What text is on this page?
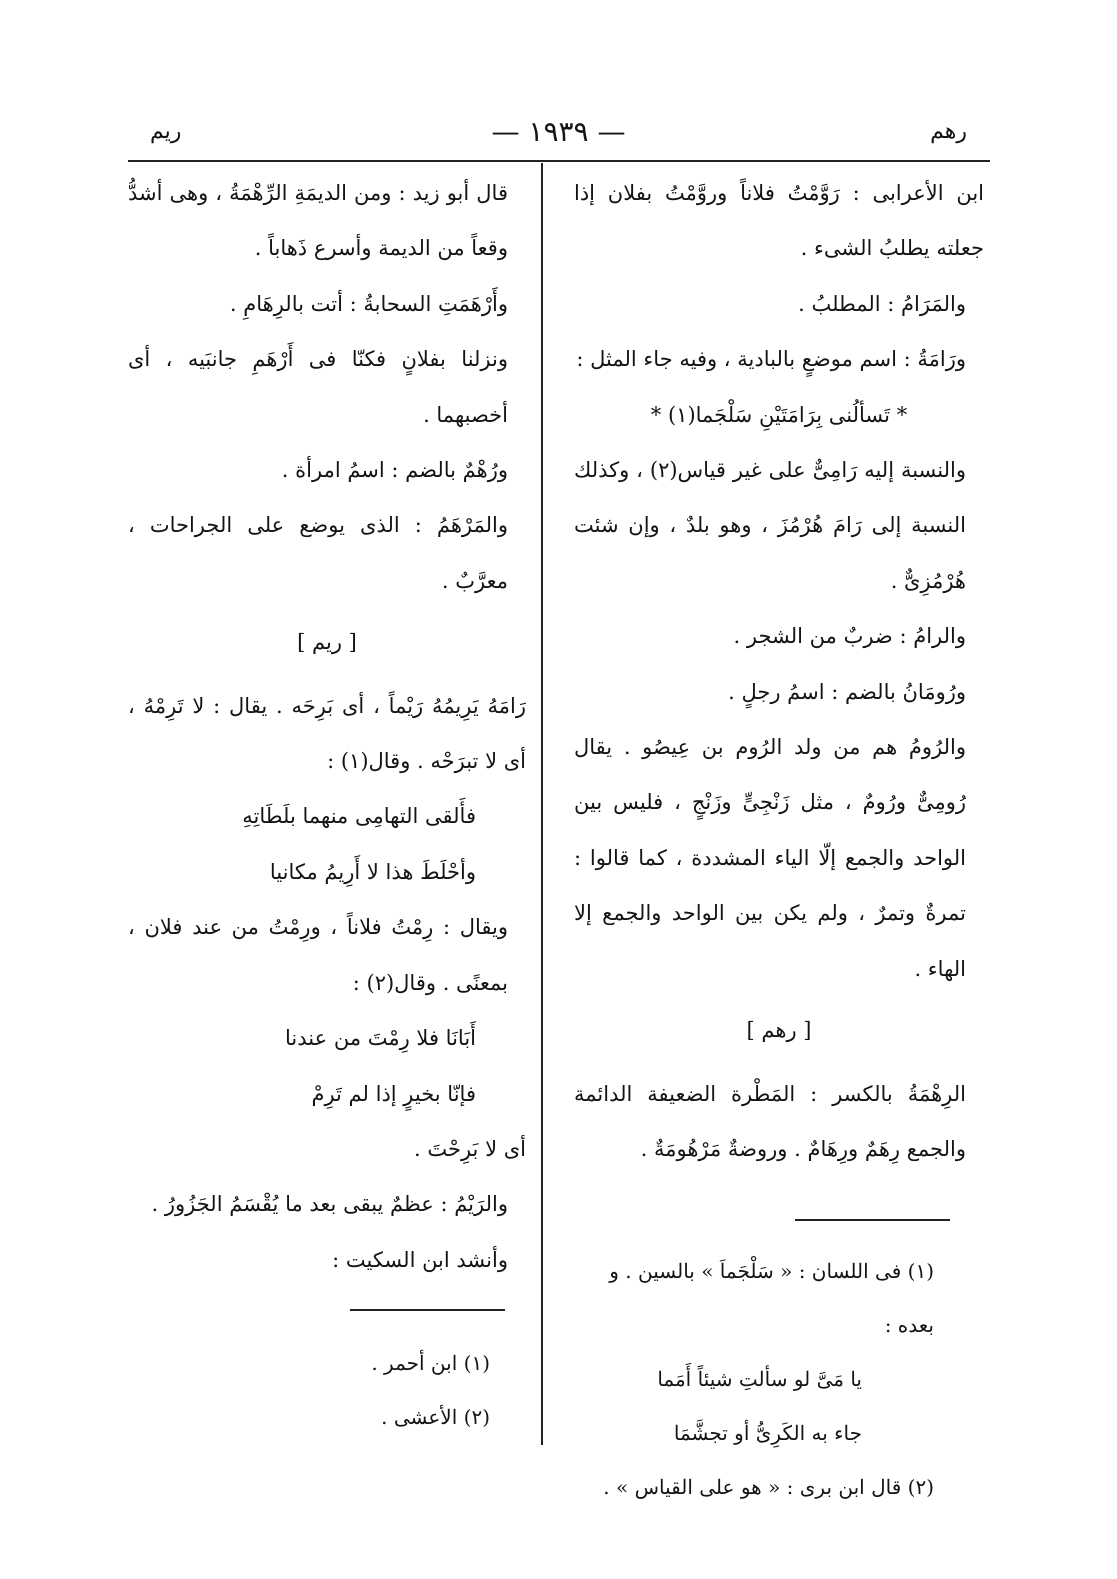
ريم	— ١٩٣٩ —	رهم

ابن الأعرابى : رَوَّمْتُ فلاناً وروَّمْتُ بفلان إذا جعلته يطلبُ الشىء .

والمَرَامُ : المطلبُ .

ورَامَةُ : اسم موضعٍ بالبادية ، وفيه جاء المثل :

* تَسألُنى بِرَامَتَيْنِ سَلْجَما(١) *

والنسبة إليه رَامِىٌّ على غير قياس(٢) ، وكذلك النسبة إلى رَامَ هُرْمُزَ ، وهو بلدٌ ، وإن شئت هُرْمُزِىٌّ .

والرامُ : ضربٌ من الشجر .

ورُومَانُ بالضم : اسمُ رجلٍ .

والرُومُ هم من ولد الرُوم بن عِيصُو . يقال رُومِىٌّ ورُومٌ ، مثل زَنْجِىٍّ وزَنْجٍ ، فليس بين الواحد والجمع إلّا الياء المشددة ، كما قالوا : تمرةٌ وتمرٌ ، ولم يكن بين الواحد والجمع إلا الهاء .

[ رهم ]

الرِهْمَةُ بالكسر : المَطْرة الضعيفة الدائمة والجمع رِهَمٌ ورِهَامٌ . وروضةٌ مَرْهُومَةٌ .

قال أبو زيد : ومن الديمَةِ الرِّهْمَةُ ، وهى أشدُّ وقعاً من الديمة وأسرع ذَهاباً .

وأَرْهَمَتِ السحابةُ : أتت بالرِهَامِ .

ونزلنا بفلانٍ فكنّا فى أَرْهَمِ جانبَيه ، أى أخصبهما .

ورُهْمٌ بالضم : اسمُ امرأة .

والمَرْهَمُ : الذى يوضع على الجراحات ، معرَّبٌ .

[ ريم ]

رَامَهُ يَرِيمُهُ رَيْماً ، أى بَرِحَه . يقال : لا تَرِمْهُ ، أى لا تبرَحْه . وقال(١) :

فأَلقى التهامِى منهما بلَطَاتِهِ

وأحْلَطَ هذا لا أَرِيمُ مكانيا

ويقال : رِمْتُ فلاناً ، ورِمْتُ من عند فلان ، بمعنًى . وقال(٢) :

أَبَانَا فلا رِمْتَ من عندنا

فإنّا بخيرٍ إذا لم تَرِمْ

أى لا بَرِحْتَ .

والرَيْمُ : عظمٌ يبقى بعد ما يُقْسَمُ الجَزُورُ .

وأنشد ابن السكيت :	(١) فى اللسان : « سَلْجَماَ » بالسين . و بعده :

يا مَىَّ لو سألتِ شيئاً أَمَما

جاء به الكَرِىُّ أو تجشَّمَا

(٢) قال ابن برى : « هو على القياس » .

(١) ابن أحمر .

(٢) الأعشى .
